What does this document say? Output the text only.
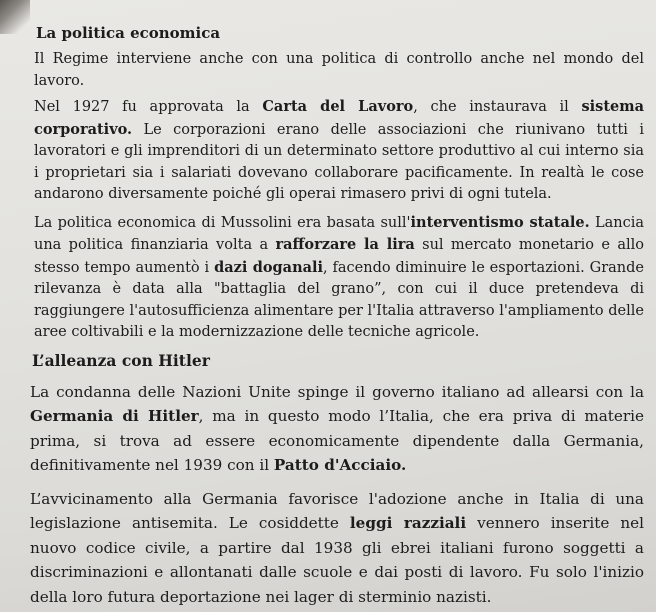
La politica economica

Il Regime interviene anche con una politica di controllo anche nel mondo del lavoro.

Nel 1927 fu approvata la Carta del Lavoro, che instaurava il sistema corporativo. Le corporazioni erano delle associazioni che riunivano tutti i lavoratori e gli imprenditori di un determinato settore produttivo al cui interno sia i proprietari sia i salariati dovevano collaborare pacificamente. In realtà le cose andarono diversamente poiché gli operai rimasero privi di ogni tutela.

La politica economica di Mussolini era basata sull'interventismo statale. Lancia una politica finanziaria volta a rafforzare la lira sul mercato monetario e allo stesso tempo aumentò i dazi doganali, facendo diminuire le esportazioni. Grande rilevanza è data alla "battaglia del grano”, con cui il duce pretendeva di raggiungere l'autosufficienza alimentare per l'Italia attraverso l'ampliamento delle aree coltivabili e la modernizzazione delle tecniche agricole.

L’alleanza con Hitler

La condanna delle Nazioni Unite spinge il governo italiano ad allearsi con la Germania di Hitler, ma in questo modo l’Italia, che era priva di materie prima, si trova ad essere economicamente dipendente dalla Germania, definitivamente nel 1939 con il Patto d'Acciaio.

L’avvicinamento alla Germania favorisce l'adozione anche in Italia di una legislazione antisemita. Le cosiddette leggi razziali vennero inserite nel nuovo codice civile, a partire dal 1938 gli ebrei italiani furono soggetti a discriminazioni e allontanati dalle scuole e dai posti di lavoro. Fu solo l'inizio della loro futura deportazione nei lager di sterminio nazisti.
